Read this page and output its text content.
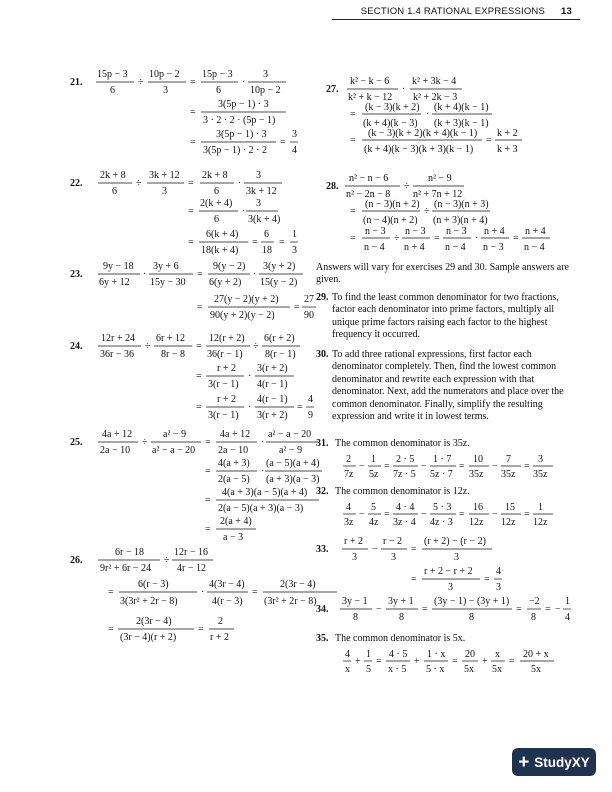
SECTION 1.4 RATIONAL EXPRESSIONS 13
21.
15p − 3
6
÷
10p − 2
3
=
15p − 3
6
·
3
10p − 2
=
3(5p − 1) · 3
3 · 2 · 2 · (5p − 1)
=
3(5p − 1) · 3
3(5p − 1) · 2 · 2
=
3
4
22.
2k + 8
6
÷
3k + 12
3
=
2k + 8
6
·
3
3k + 12
=
2(k + 4)
6
·
3
3(k + 4)
=
6(k + 4)
18(k + 4)
=
6
18
=
1
3
23.
9y − 18
6y + 12
·
3y + 6
15y − 30
=
9(y − 2)
6(y + 2)
·
3(y + 2)
15(y − 2)
=
27(y − 2)(y + 2)
90(y + 2)(y − 2)
=
27
90
24.
12r + 24
36r − 36
÷
6r + 12
8r − 8
=
12(r + 2)
36(r − 1)
÷
6(r + 2)
8(r − 1)
=
r + 2
3(r − 1)
·
3(r + 2)
4(r − 1)
=
r + 2
3(r − 1)
·
4(r − 1)
3(r + 2)
=
4
9
25.
4a + 12
2a − 10
÷
a² − 9
a² − a − 20
=
4a + 12
2a − 10
·
a² − a − 20
a² − 9
=
4(a + 3)
2(a − 5)
·
(a − 5)(a + 4)
(a + 3)(a − 3)
=
4(a + 3)(a − 5)(a + 4)
2(a − 5)(a + 3)(a − 3)
=
2(a + 4)
a − 3
26.
6r − 18
9r² + 6r − 24
÷
12r − 16
4r − 12
=
6(r − 3)
3(3r² + 2r − 8)
·
4(3r − 4)
4(r − 3)
=
2(3r − 4)
(3r² + 2r − 8)
=
2(3r − 4)
(3r − 4)(r + 2)
=
2
r + 2
27.
k² − k − 6
k² + k − 12
·
k² + 3k − 4
k² + 2k − 3
=
(k − 3)(k + 2)
(k + 4)(k − 3)
·
(k + 4)(k − 1)
(k + 3)(k − 1)
=
(k − 3)(k + 2)(k + 4)(k − 1)
(k + 4)(k − 3)(k + 3)(k − 1)
=
k + 2
k + 3
28.
n² − n − 6
n² − 2n − 8
÷
n² − 9
n² + 7n + 12
=
(n − 3)(n + 2)
(n − 4)(n + 2)
÷
(n − 3)(n + 3)
(n + 3)(n + 4)
=
n − 3
n − 4
÷
n − 3
n + 4
=
n − 3
n − 4
·
n + 4
n − 3
=
n + 4
n − 4
31. The common denominator is 35z.
2
7z
−
1
5z
=
2 · 5
7z · 5
−
1 · 7
5z · 7
=
10
35z
−
7
35z
=
3
35z
32. The common denominator is 12z.
4
3z
−
5
4z
=
4 · 4
3z · 4
−
5 · 3
4z · 3
=
16
12z
−
15
12z
=
1
12z
33.
r + 2
3
−
r − 2
3
=
(r + 2) − (r − 2)
3
=
r + 2 − r + 2
3
=
4
3
34.
3y − 1
8
−
3y + 1
8
=
(3y − 1) − (3y + 1)
8
=
−2
8
= −
1
4
35. The common denominator is 5x.
4
x
+
1
5
=
4 · 5
x · 5
+
1 · x
5 · x
=
20
5x
+
x
5x
=
20 + x
5x
Answers will vary for exercises 29 and 30. Sample answers are given.
29. To find the least common denominator for two fractions, factor each denominator into prime factors, multiply all unique prime factors raising each factor to the highest frequency it occurred.
30. To add three rational expressions, first factor each denominator completely. Then, find the lowest common denominator and rewrite each expression with that denominator. Next, add the numerators and place over the common denominator. Finally, simplify the resulting expression and write it in lowest terms.
+ StudyXY
